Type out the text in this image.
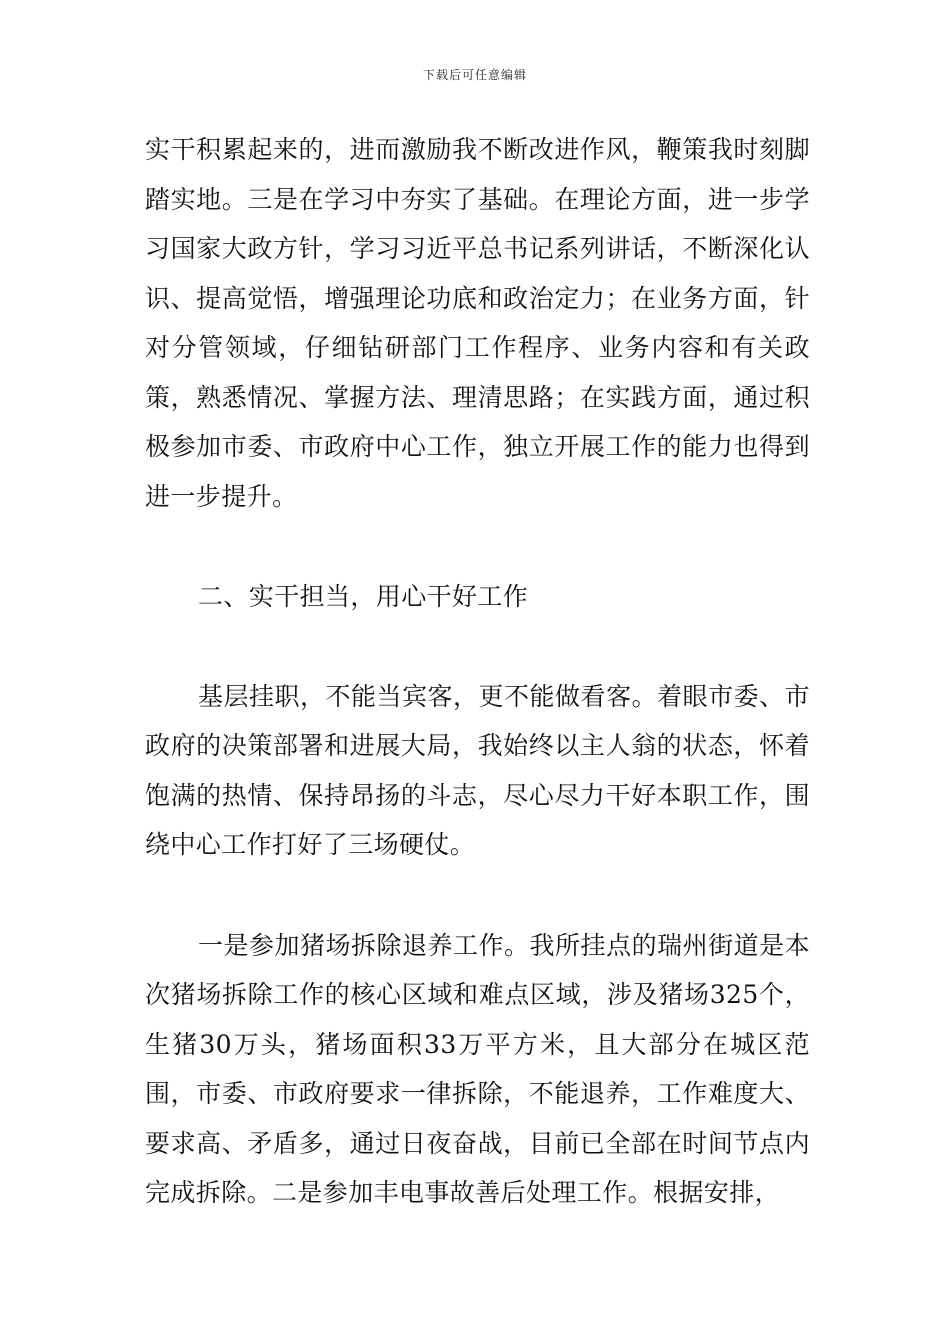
下载后可任意编辑

实干积累起来的，进而激励我不断改进作风，鞭策我时刻脚踏实地。三是在学习中夯实了基础。在理论方面，进一步学习国家大政方针，学习习近平总书记系列讲话，不断深化认识、提高觉悟，增强理论功底和政治定力；在业务方面，针对分管领域，仔细钻研部门工作程序、业务内容和有关政策，熟悉情况、掌握方法、理清思路；在实践方面，通过积极参加市委、市政府中心工作，独立开展工作的能力也得到进一步提升。

二、实干担当，用心干好工作

基层挂职，不能当宾客，更不能做看客。着眼市委、市政府的决策部署和进展大局，我始终以主人翁的状态，怀着饱满的热情、保持昂扬的斗志，尽心尽力干好本职工作，围绕中心工作打好了三场硬仗。

一是参加猪场拆除退养工作。我所挂点的瑞州街道是本次猪场拆除工作的核心区域和难点区域，涉及猪场325个，生猪30万头，猪场面积33万平方米，且大部分在城区范围，市委、市政府要求一律拆除，不能退养，工作难度大、要求高、矛盾多，通过日夜奋战，目前已全部在时间节点内完成拆除。二是参加丰电事故善后处理工作。根据安排，
